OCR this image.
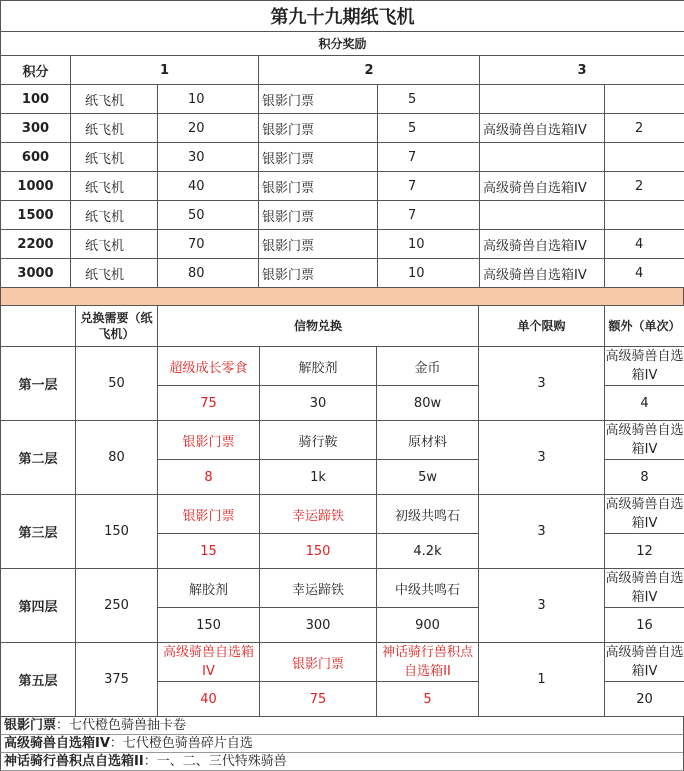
第九十九期纸飞机						
积分奖励						
积分	1		2		3	
100	纸飞机	10	银影门票	5		
300	纸飞机	20	银影门票	5	高级骑兽自选箱IV	2
600	纸飞机	30	银影门票	7		
1000	纸飞机	40	银影门票	7	高级骑兽自选箱IV	2
1500	纸飞机	50	银影门票	7		
2200	纸飞机	70	银影门票	10	高级骑兽自选箱IV	4
3000	纸飞机	80	银影门票	10	高级骑兽自选箱IV	4
	兑换需要（纸飞机）	信物兑换			单个限购	额外（单次）
第一层	50	超级成长零食	解胶剂	金币	3	高级骑兽自选箱IV
		75	30	80w		4
第二层	80	银影门票	骑行鞍	原材料	3	高级骑兽自选箱IV
		8	1k	5w		8
第三层	150	银影门票	幸运蹄铁	初级共鸣石	3	高级骑兽自选箱IV
		15	150	4.2k		12
第四层	250	解胶剂	幸运蹄铁	中级共鸣石	3	高级骑兽自选箱IV
		150	300	900		16
第五层	375	高级骑兽自选箱IV	银影门票	神话骑行兽积点自选箱II	1	高级骑兽自选箱IV
		40	75	5		20
银影门票：七代橙色骑兽抽卡卷
高级骑兽自选箱IV：七代橙色骑兽碎片自选
神话骑行兽积点自选箱II：一、二、三代特殊骑兽
